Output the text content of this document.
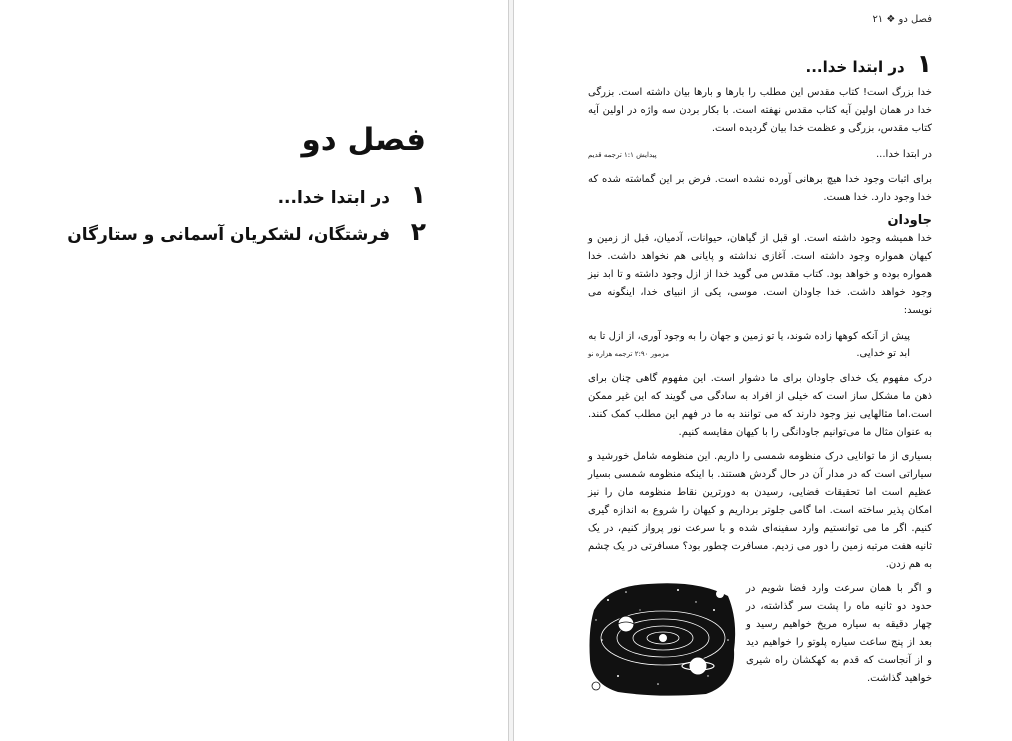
فصل دو
۱
در ابتدا خدا...
۲
فرشتگان، لشکریان آسمانی و ستارگان
فصل دو ❖ ۲۱
۱
در ابتدا خدا...

خدا بزرگ است! کتاب مقدس این مطلب را بارها و بارها بیان داشته است. بزرگی خدا در همان اولین آیه کتاب مقدس نهفته است. با بکار بردن سه واژه در اولین آیه کتاب مقدس، بزرگی و عظمت خدا بیان گردیده است.

در ابتدا خدا...
پیدایش ۱:۱ ترجمه قدیم

برای اثبات وجود خدا هیچ برهانی آورده نشده است. فرض بر این گماشته شده که خدا وجود دارد. خدا هست.

جاودان

خدا همیشه وجود داشته است. او قبل از گیاهان، حیوانات، آدمیان، قبل از زمین و کیهان همواره وجود داشته است. آغازی نداشته و پایانی هم نخواهد داشت. خدا همواره بوده و خواهد بود. کتاب مقدس می گوید خدا از ازل وجود داشته و تا ابد نیز وجود خواهد داشت. خدا جاودان است. موسی، یکی از انبیای خدا، اینگونه می نویسد:

پیش از آنکه کوهها زاده شوند، یا تو زمین و جهان را به وجود آوری، از ازل تا به
ابد تو خدایی.
مزمور ۲:۹۰ ترجمه هزاره نو

درک مفهوم یک خدای جاودان برای ما دشوار است. این مفهوم گاهی چنان برای ذهن ما مشکل ساز است که خیلی از افراد به سادگی می گویند که این غیر ممکن است.اما مثالهایی نیز وجود دارند که می توانند به ما در فهم این مطلب کمک کنند. به عنوان مثال ما می‌توانیم جاودانگی را با کیهان مقایسه کنیم.

بسیاری از ما توانایی درک منظومه شمسی را داریم. این منظومه شامل خورشید و سیاراتی است که در مدار آن در حال گردش هستند. با اینکه منظومه شمسی بسیار عظیم است اما تحقیقات فضایی، رسیدن به دورترین نقاط منظومه مان را نیز امکان پذیر ساخته است. اما گامی جلوتر برداریم و کیهان را شروع به اندازه گیری کنیم. اگر ما می توانستیم وارد سفینه‌ای شده و با سرعت نور پرواز کنیم، در یک ثانیه هفت مرتبه زمین را دور می زدیم. مسافرت چطور بود؟ مسافرتی در یک چشم به هم زدن.

و اگر با همان سرعت وارد فضا شویم در حدود دو ثانیه ماه را پشت سر گذاشته، در چهار دقیقه به سیاره مریخ خواهیم رسید و بعد از پنج ساعت سیاره پلوتو را خواهیم دید و از آنجاست که قدم به کهکشان راه شیری خواهید گذاشت.
